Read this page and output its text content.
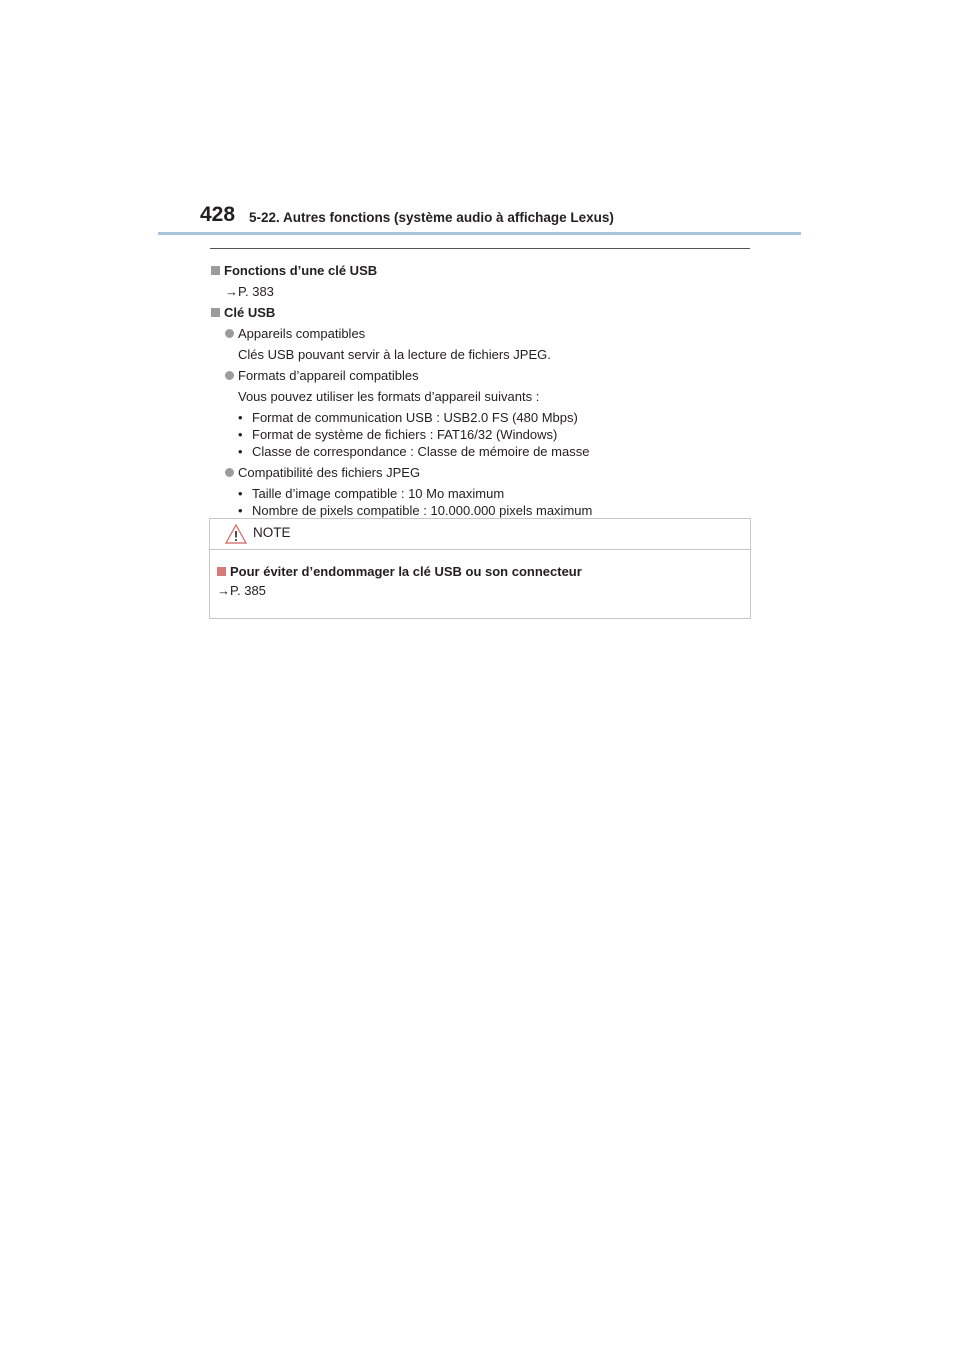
428 5-22. Autres fonctions (système audio à affichage Lexus)
Fonctions d’une clé USB
→P. 383
Clé USB
Appareils compatibles
Clés USB pouvant servir à la lecture de fichiers JPEG.
Formats d’appareil compatibles
Vous pouvez utiliser les formats d’appareil suivants :
• Format de communication USB : USB2.0 FS (480 Mbps)
• Format de système de fichiers : FAT16/32 (Windows)
• Classe de correspondance : Classe de mémoire de masse
Compatibilité des fichiers JPEG
• Taille d’image compatible : 10 Mo maximum
• Nombre de pixels compatible : 10.000.000 pixels maximum
NOTE
Pour éviter d’endommager la clé USB ou son connecteur
→P. 385
